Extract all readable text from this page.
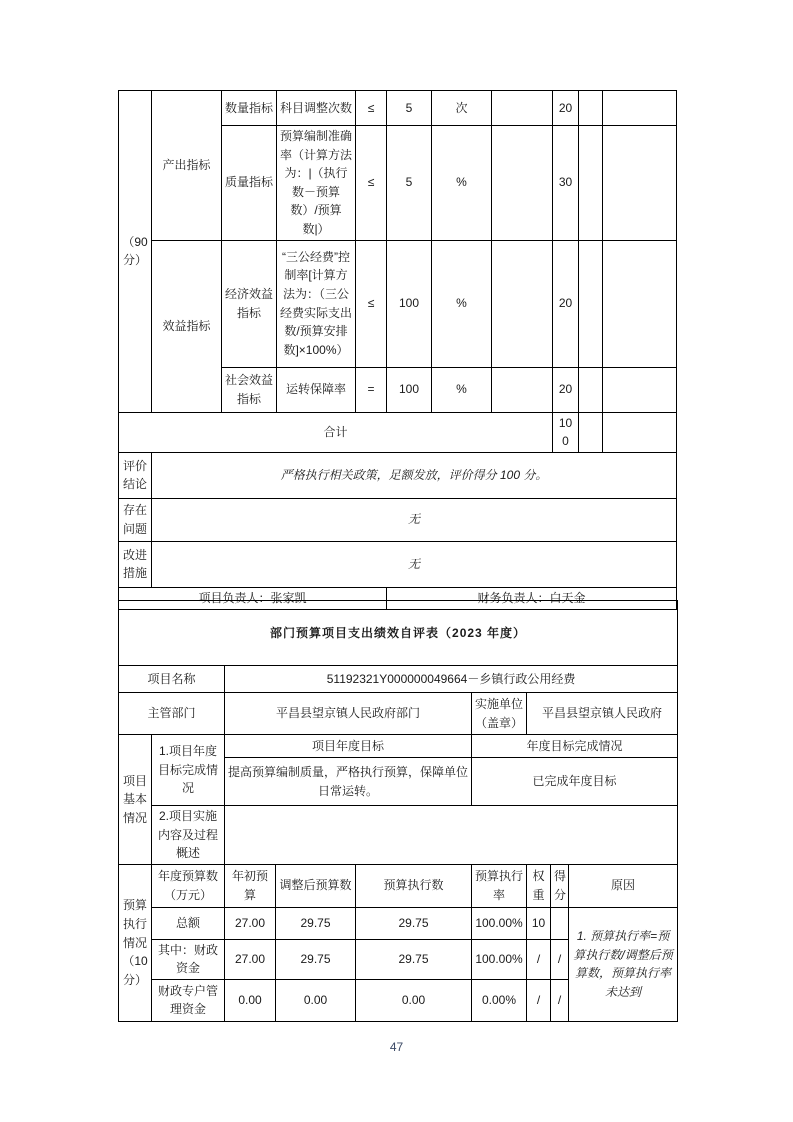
（90 分）	产出指标	数量指标	科目调整次数	≤	5	次		20		
		质量指标	预算编制准确率（计算方法为：|（执行数－预算数）/预算数|）	≤	5	%		30		
	效益指标	经济效益指标	“三公经费”控制率[计算方法为：（三公经费实际支出数/预算安排数]×100%）	≤	100	%		20		
		社会效益指标	运转保障率	=	100	%		20		
合计								100		
评价结论	严格执行相关政策，足额发放，评价得分 100 分。									
存在问题	无									
改进措施	无									
项目负责人：张家凯					财务负责人：白天金					
部门预算项目支出绩效自评表（2023 年度）								
项目名称		51192321Y000000049664－乡镇行政公用经费						
主管部门		平昌县望京镇人民政府部门			实施单位（盖章）	平昌县望京镇人民政府		
项目基本情况	1.项目年度目标完成情况	项目年度目标			年度目标完成情况			
		提高预算编制质量，严格执行预算，保障单位日常运转。			已完成年度目标			
	2.项目实施内容及过程概述							
预算执行情况（10 分）	年度预算数（万元）	年初预算	调整后预算数	预算执行数	预算执行率	权重	得分	原因
	总额	27.00	29.75	29.75	100.00%	10		1. 预算执行率=预算执行数/调整后预算数，预算执行率未达到
	其中：财政资金	27.00	29.75	29.75	100.00%	/	/	
	财政专户管理资金	0.00	0.00	0.00	0.00%	/	/	
47
